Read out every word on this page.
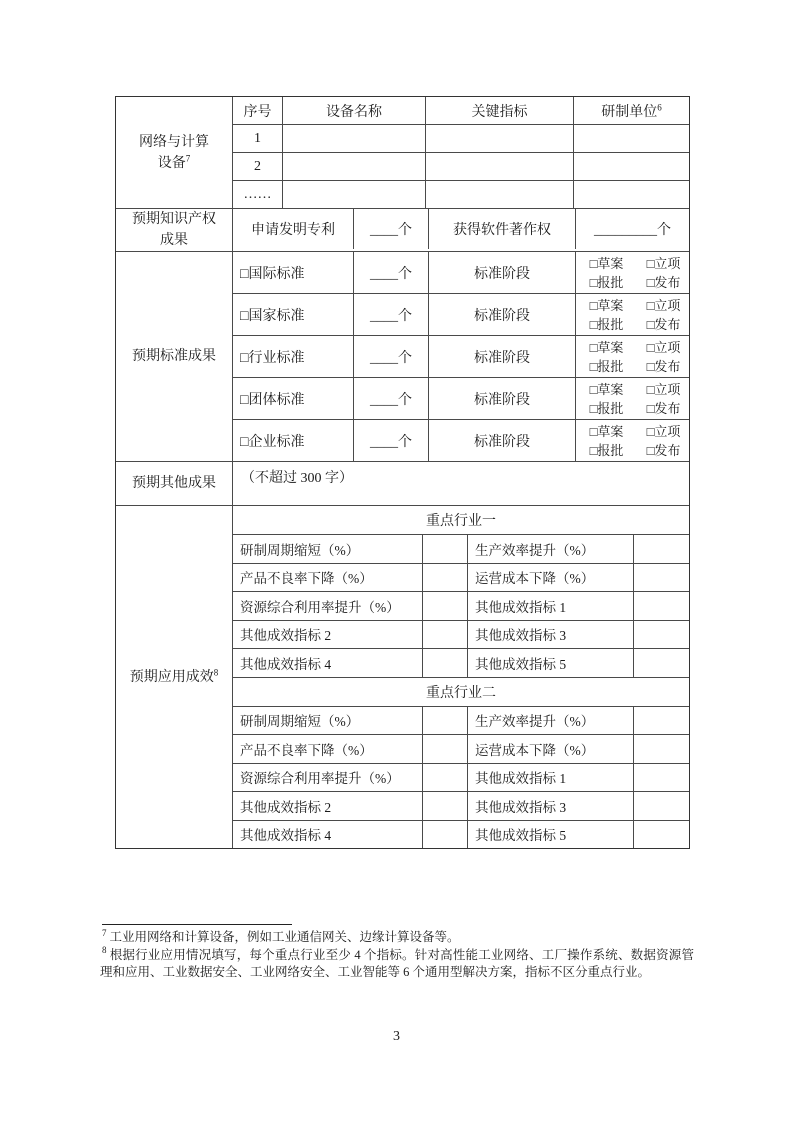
网络与计算设备$^7$
序号	设备名称	关键指标	研制单位$^6$
1
2
……
预期知识产权成果
申请发明专利	____个	获得软件著作权	_________个
预期标准成果
□国际标准	____个	标准阶段
□草案	□立项
□报批	□发布
□国家标准	____个	标准阶段
□草案	□立项
□报批	□发布
□行业标准	____个	标准阶段
□草案	□立项
□报批	□发布
□团体标准	____个	标准阶段
□草案	□立项
□报批	□发布
□企业标准	____个	标准阶段
□草案	□立项
□报批	□发布
预期其他成果	（不超过 300 字）
预期应用成效$^8$
重点行业一
研制周期缩短（%）	生产效率提升（%）
产品不良率下降（%）	运营成本下降（%）
资源综合利用率提升（%）	其他成效指标 1
其他成效指标 2	其他成效指标 3
其他成效指标 4	其他成效指标 5
重点行业二
研制周期缩短（%）	生产效率提升（%）
产品不良率下降（%）	运营成本下降（%）
资源综合利用率提升（%）	其他成效指标 1
其他成效指标 2	其他成效指标 3
其他成效指标 4	其他成效指标 5

$^7$ 工业用网络和计算设备，例如工业通信网关、边缘计算设备等。

$^8$ 根据行业应用情况填写，每个重点行业至少 4 个指标。针对高性能工业网络、工厂操作系统、数据资源管理和应用、工业数据安全、工业网络安全、工业智能等 6 个通用型解决方案，指标不区分重点行业。

3
